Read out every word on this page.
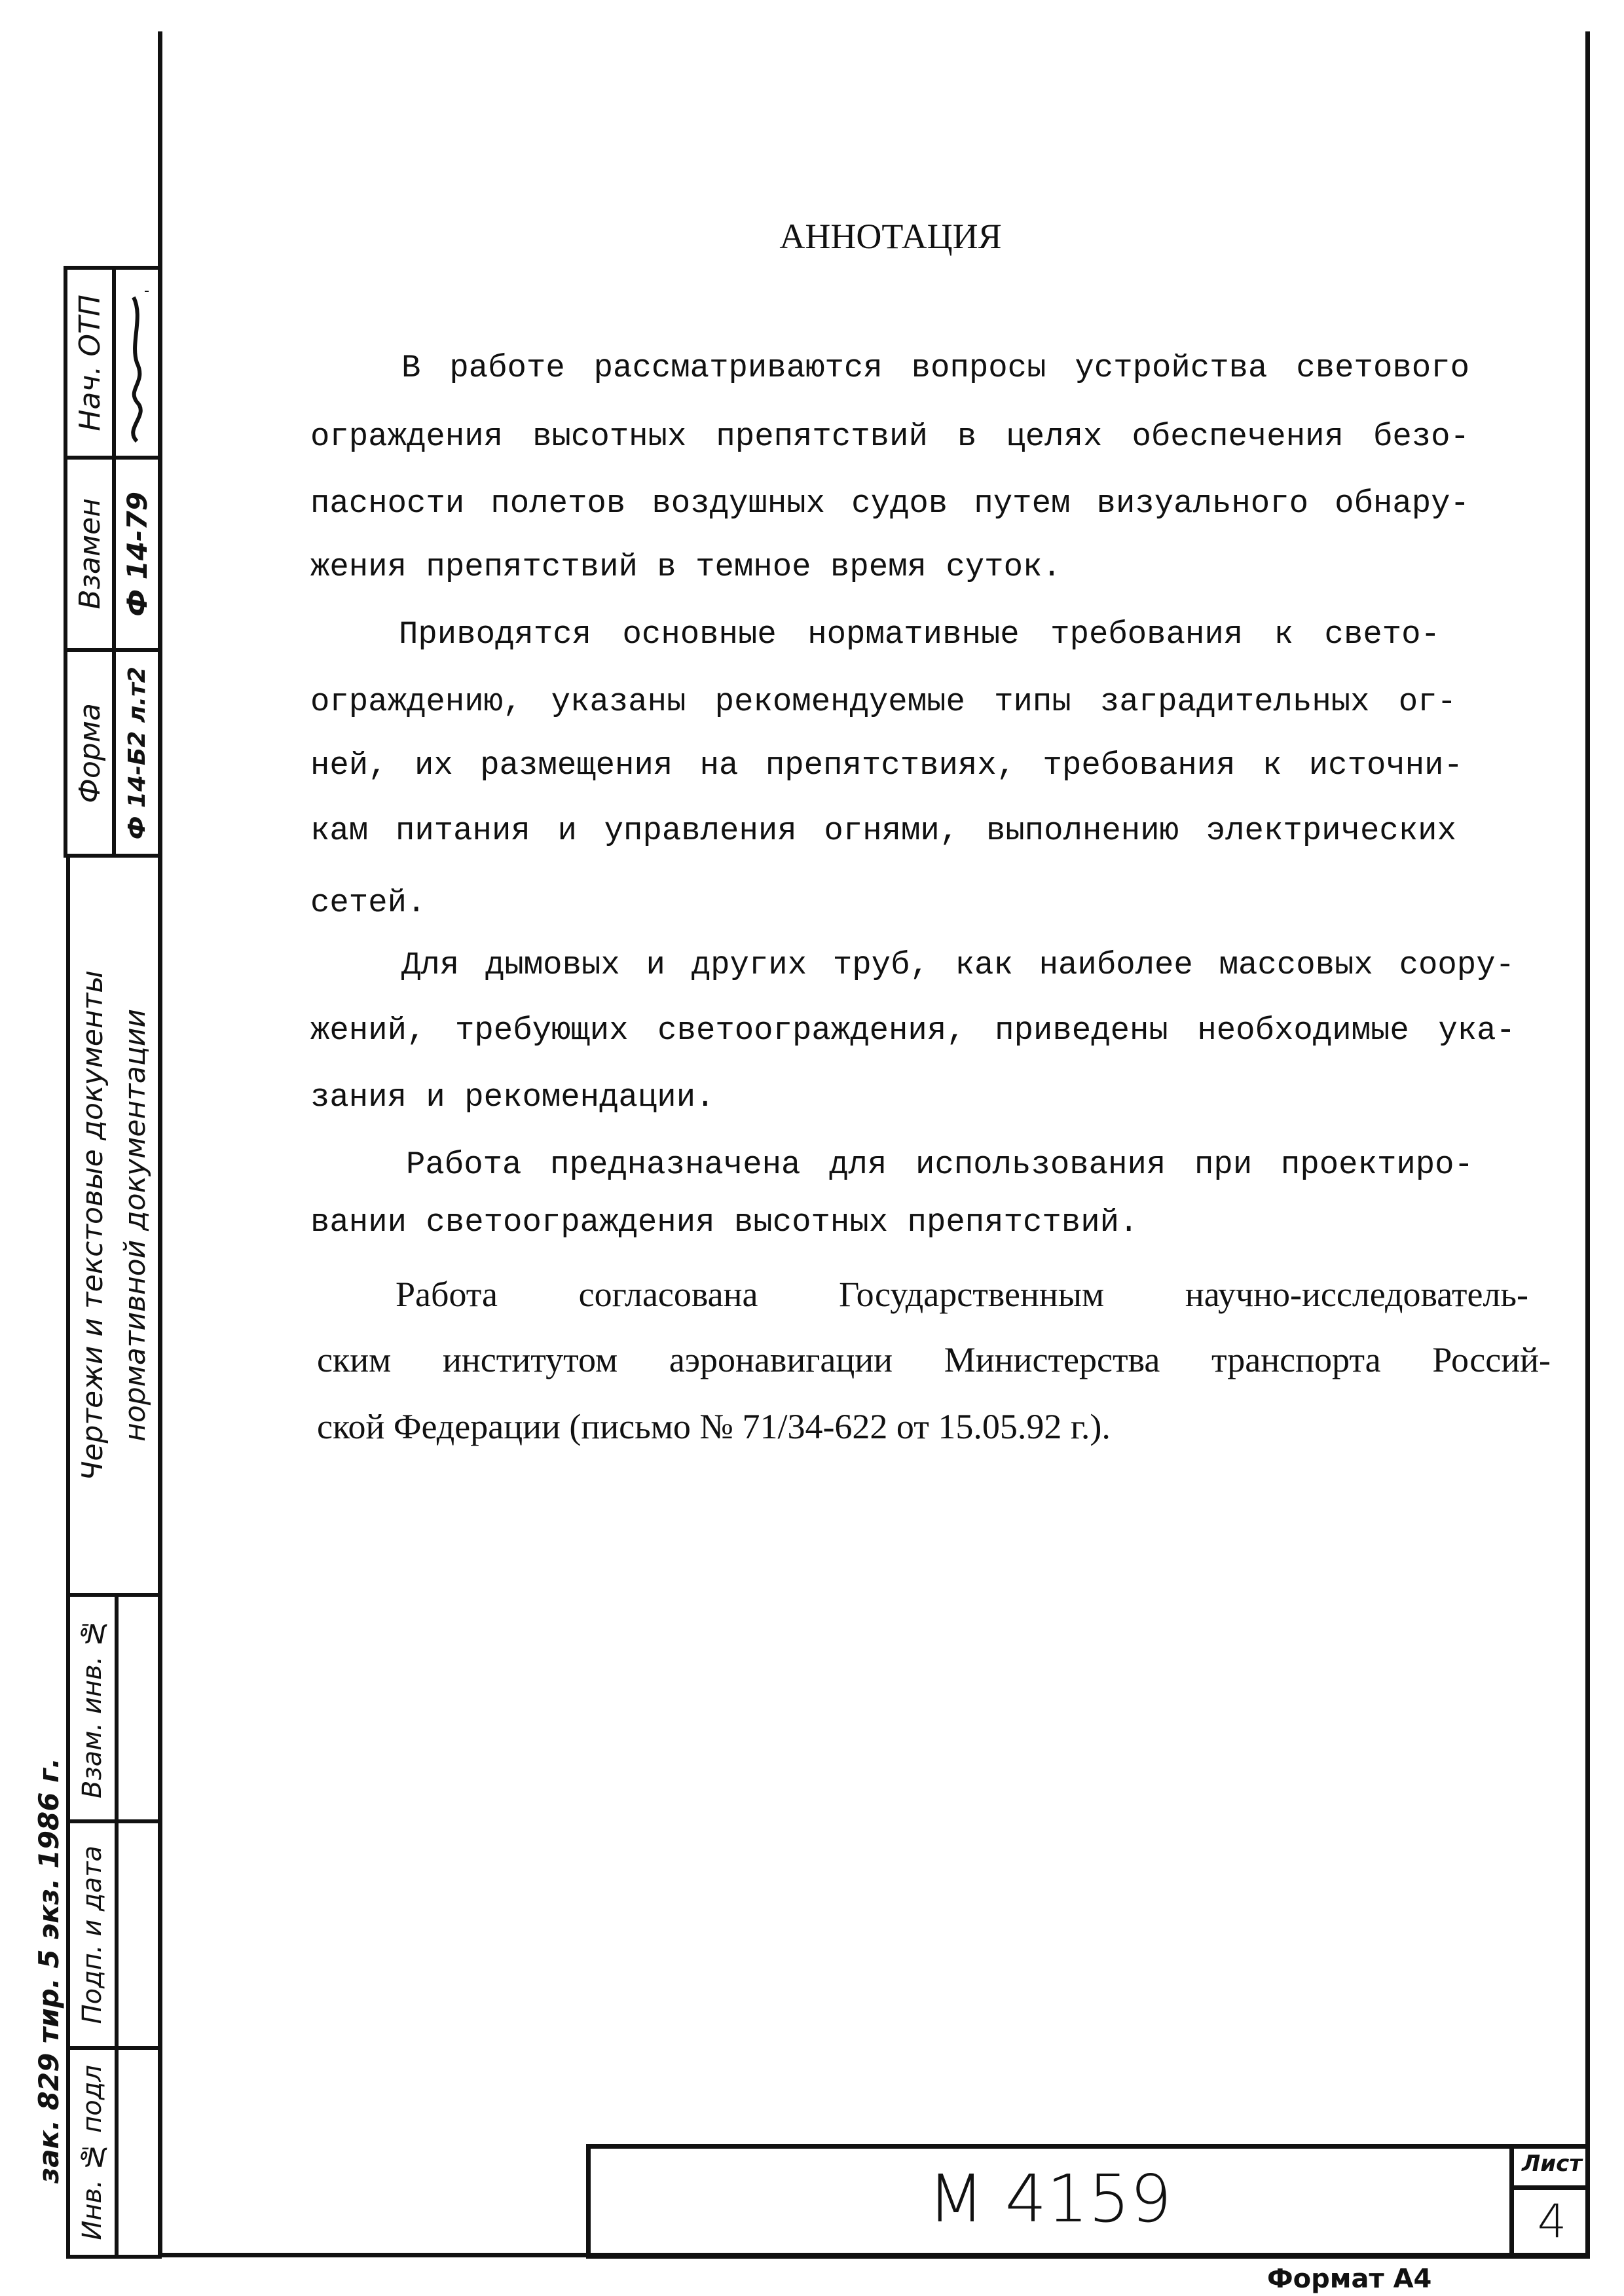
АННОТАЦИЯ
В работе рассматриваются вопросы устройства светового
ограждения высотных препятствий в целях обеспечения безо-
пасности полетов воздушных судов путем визуального обнару-
жения препятствий в темное время суток.
Приводятся основные нормативные требования к свето-
ограждению, указаны рекомендуемые типы заградительных ог-
ней, их размещения на препятствиях, требования к источни-
кам питания и управления огнями, выполнению электрических
сетей.
Для дымовых и других труб, как наиболее массовых соору-
жений, требующих светоограждения, приведены необходимые ука-
зания и рекомендации.
Работа предназначена для использования при проектиро-
вании светоограждения высотных препятствий.
Работа согласована Государственным научно-исследователь-
ским институтом аэронавигации Министерства транспорта Россий-
ской Федерации (письмо № 71/34-622 от 15.05.92 г.).
Нач. ОТП
Взамен Ф 14-79
Форма Ф 14-Б2 л.т2
Чертежи и текстовые документы нормативной документации
Взам. инв. №
Подп. и дата
Инв. № подл
зак. 829 тир. 5 экз. 1986 г.
М 4159	Лист
4
Формат А4
